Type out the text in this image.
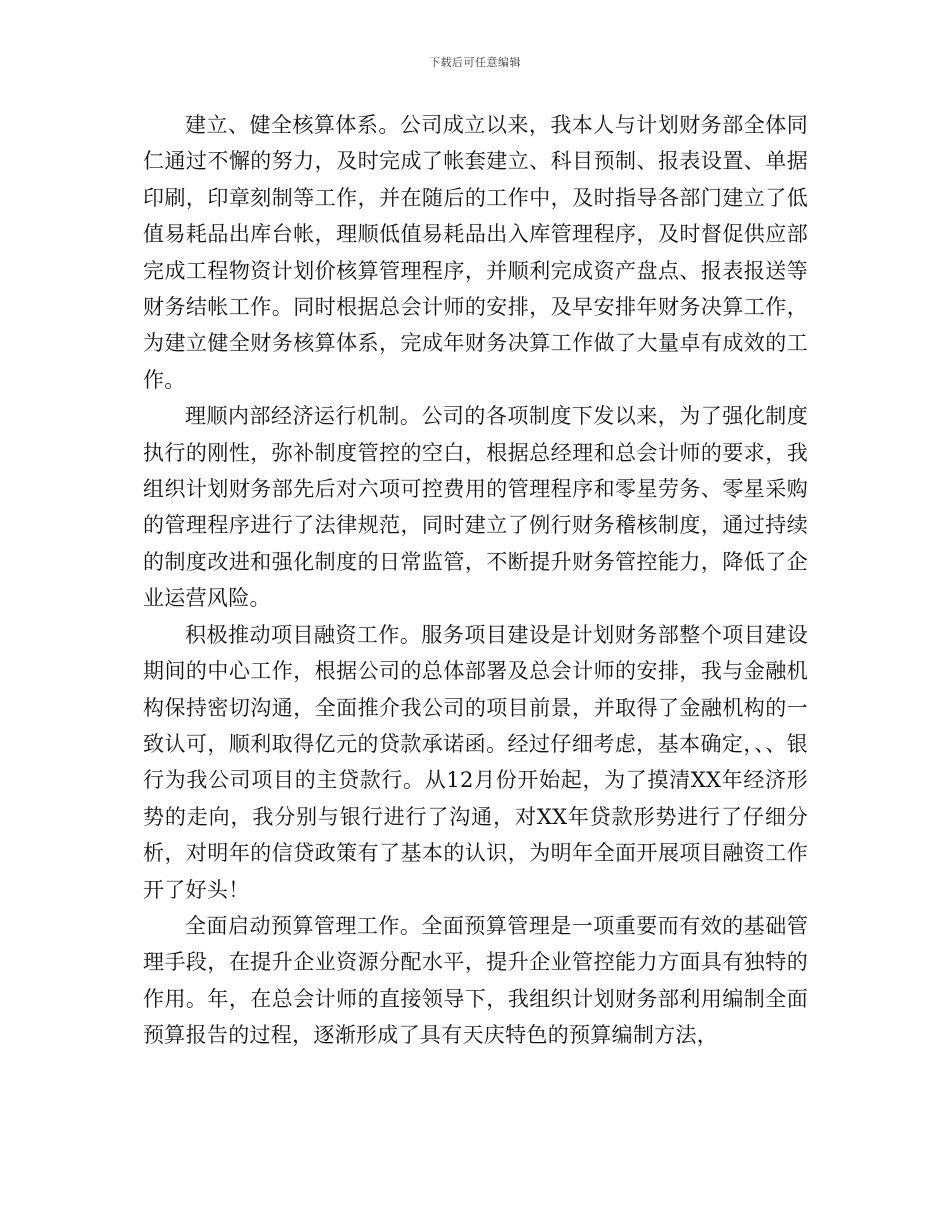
下载后可任意编辑

建立、健全核算体系。公司成立以来，我本人与计划财务部全体同仁通过不懈的努力，及时完成了帐套建立、科目预制、报表设置、单据印刷，印章刻制等工作，并在随后的工作中，及时指导各部门建立了低值易耗品出库台帐，理顺低值易耗品出入库管理程序，及时督促供应部完成工程物资计划价核算管理程序，并顺利完成资产盘点、报表报送等财务结帐工作。同时根据总会计师的安排，及早安排年财务决算工作，为建立健全财务核算体系，完成年财务决算工作做了大量卓有成效的工作。

理顺内部经济运行机制。公司的各项制度下发以来，为了强化制度执行的刚性，弥补制度管控的空白，根据总经理和总会计师的要求，我组织计划财务部先后对六项可控费用的管理程序和零星劳务、零星采购的管理程序进行了法律规范，同时建立了例行财务稽核制度，通过持续的制度改进和强化制度的日常监管，不断提升财务管控能力，降低了企业运营风险。

积极推动项目融资工作。服务项目建设是计划财务部整个项目建设期间的中心工作，根据公司的总体部署及总会计师的安排，我与金融机构保持密切沟通，全面推介我公司的项目前景，并取得了金融机构的一致认可，顺利取得亿元的贷款承诺函。经过仔细考虑，基本确定，、、银行为我公司项目的主贷款行。从12月份开始起，为了摸清XX年经济形势的走向，我分别与银行进行了沟通，对XX年贷款形势进行了仔细分析，对明年的信贷政策有了基本的认识，为明年全面开展项目融资工作开了好头！

全面启动预算管理工作。全面预算管理是一项重要而有效的基础管理手段，在提升企业资源分配水平，提升企业管控能力方面具有独特的作用。年，在总会计师的直接领导下，我组织计划财务部利用编制全面预算报告的过程，逐渐形成了具有天庆特色的预算编制方法，
